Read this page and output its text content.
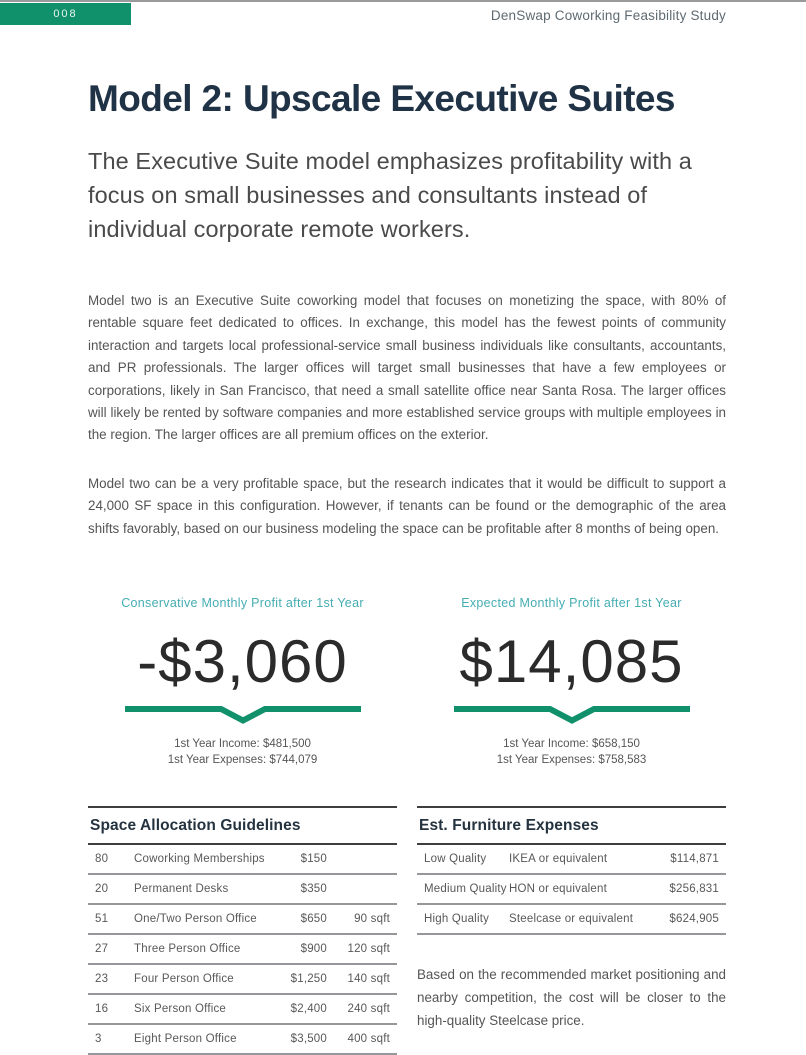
008	DenSwap Coworking Feasibility Study
Model 2: Upscale Executive Suites
The Executive Suite model emphasizes profitability with a focus on small businesses and consultants instead of individual corporate remote workers.

Model two is an Executive Suite coworking model that focuses on monetizing the space, with 80% of rentable square feet dedicated to offices. In exchange, this model has the fewest points of community interaction and targets local professional-service small business individuals like consultants, accountants, and PR professionals. The larger offices will target small businesses that have a few employees or corporations, likely in San Francisco, that need a small satellite office near Santa Rosa. The larger offices will likely be rented by software companies and more established service groups with multiple employees in the region. The larger offices are all premium offices on the exterior.

Model two can be a very profitable space, but the research indicates that it would be difficult to support a 24,000 SF space in this configuration. However, if tenants can be found or the demographic of the area shifts favorably, based on our business modeling the space can be profitable after 8 months of being open.

Conservative Monthly Profit after 1st Year
-$3,060
1st Year Income: $481,500
1st Year Expenses: $744,079
Expected Monthly Profit after 1st Year
$14,085
1st Year Income: $658,150
1st Year Expenses: $758,583
Space Allocation Guidelines
80	Coworking Memberships	$150
20	Permanent Desks	$350
51	One/Two Person Office	$650	90 sqft
27	Three Person Office	$900	120 sqft
23	Four Person Office	$1,250	140 sqft
16	Six Person Office	$2,400	240 sqft
3	Eight Person Office	$3,500	400 sqft
Est. Furniture Expenses
Low Quality	IKEA or equivalent	$114,871
Medium Quality HON or equivalent	$256,831
High Quality	Steelcase or equivalent	$624,905

Based on the recommended market positioning and nearby competition, the cost will be closer to the high-quality Steelcase price.
